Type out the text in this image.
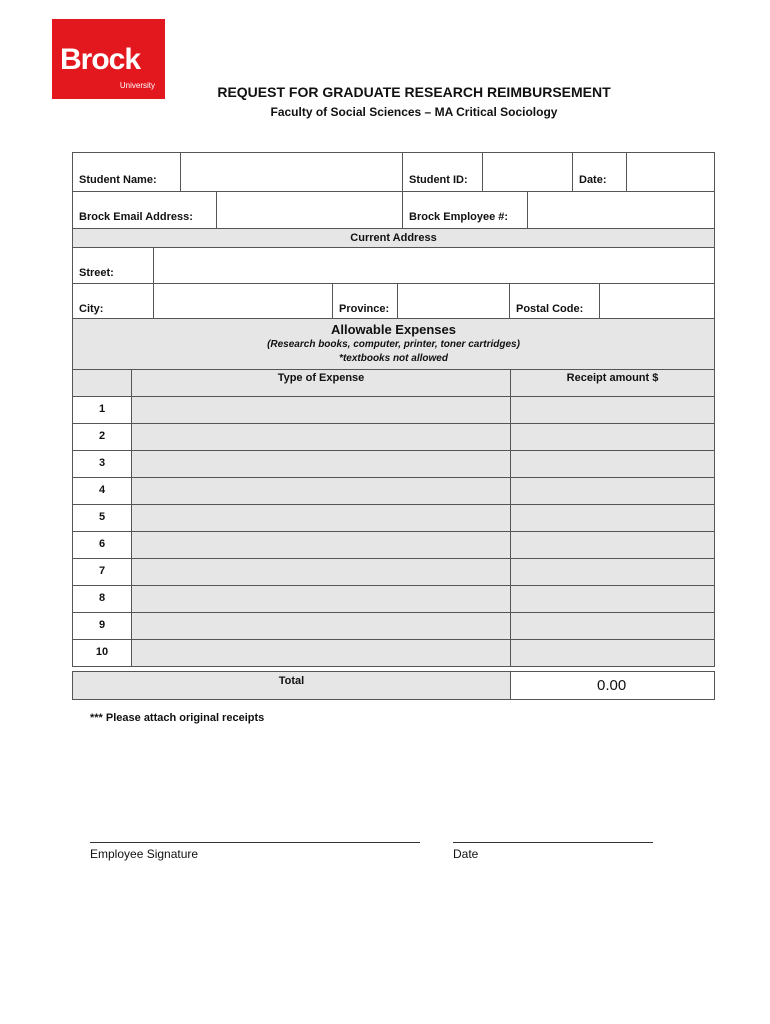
Brock
University	REQUEST FOR GRADUATE RESEARCH REIMBURSEMENT
Faculty of Social Sciences – MA Critical Sociology
Student Name:	Student ID:	Date:
Brock Email Address:	Brock Employee #:
Current Address
Street:
City:	Province:	Postal Code:
Allowable Expenses
(Research books, computer, printer, toner cartridges)
*textbooks not allowed
Type of Expense	Receipt amount $
1
2
3
4
5
6
7
8
9
10
Total	0.00
*** Please attach original receipts
Employee Signature	Date
